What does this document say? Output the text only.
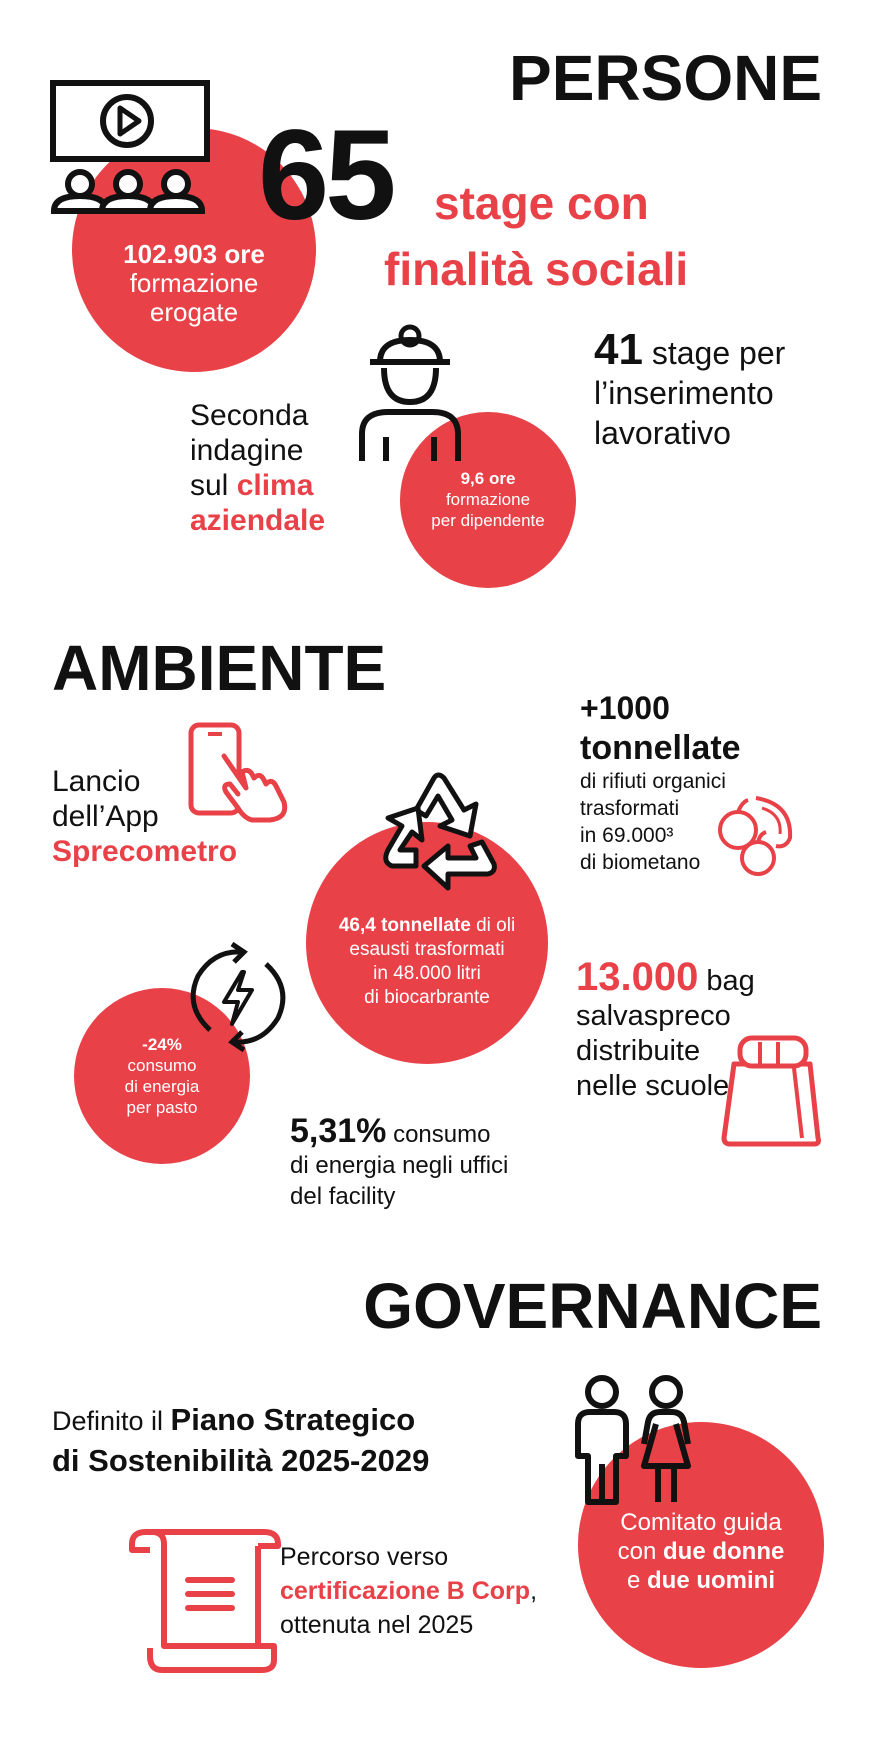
PERSONE
102.903 ore
formazione
erogate
65 stage con
finalità sociali
41 stage per
l’inserimento
lavorativo
Seconda
indagine
sul clima
aziendale
9,6 ore
formazione
per dipendente
AMBIENTE
Lancio
dell’App
Sprecometro
+1000
tonnellate
di rifiuti organici
trasformati
in 69.000³
di biometano
46,4 tonnellate di oli
esausti trasformati
in 48.000 litri
di biocarbrante
-24%
consumo
di energia
per pasto
13.000 bag
salvaspreco
distribuite
nelle scuole
5,31% consumo
di energia negli uffici
del facility
GOVERNANCE
Definito il Piano Strategico
di Sostenibilità 2025-2029
Comitato guida
con due donne
e due uomini
Percorso verso
certificazione B Corp,
ottenuta nel 2025
